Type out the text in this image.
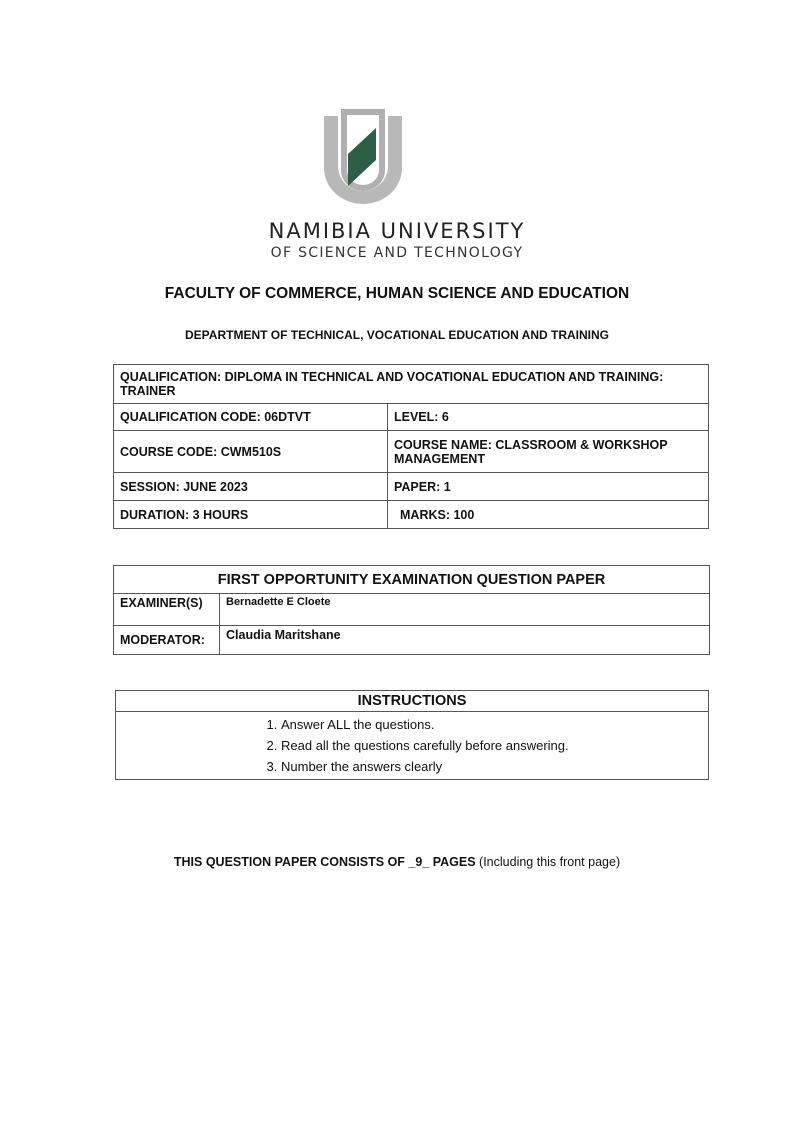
NAMIBIA UNIVERSITY
OF SCIENCE AND TECHNOLOGY
FACULTY OF COMMERCE, HUMAN SCIENCE AND EDUCATION
DEPARTMENT OF TECHNICAL, VOCATIONAL EDUCATION AND TRAINING
QUALIFICATION: DIPLOMA IN TECHNICAL AND VOCATIONAL EDUCATION AND TRAINING: TRAINER	
QUALIFICATION CODE: 06DTVT	LEVEL: 6
COURSE CODE: CWM510S	COURSE NAME: CLASSROOM & WORKSHOP MANAGEMENT
SESSION: JUNE 2023	PAPER: 1
DURATION: 3 HOURS	MARKS: 100
FIRST OPPORTUNITY EXAMINATION QUESTION PAPER	
EXAMINER(S)	Bernadette E Cloete
MODERATOR:	Claudia Maritshane
INSTRUCTIONS

1. Answer ALL the questions.
2. Read all the questions carefully before answering.
3. Number the answers clearly
THIS QUESTION PAPER CONSISTS OF _9_ PAGES (Including this front page)
